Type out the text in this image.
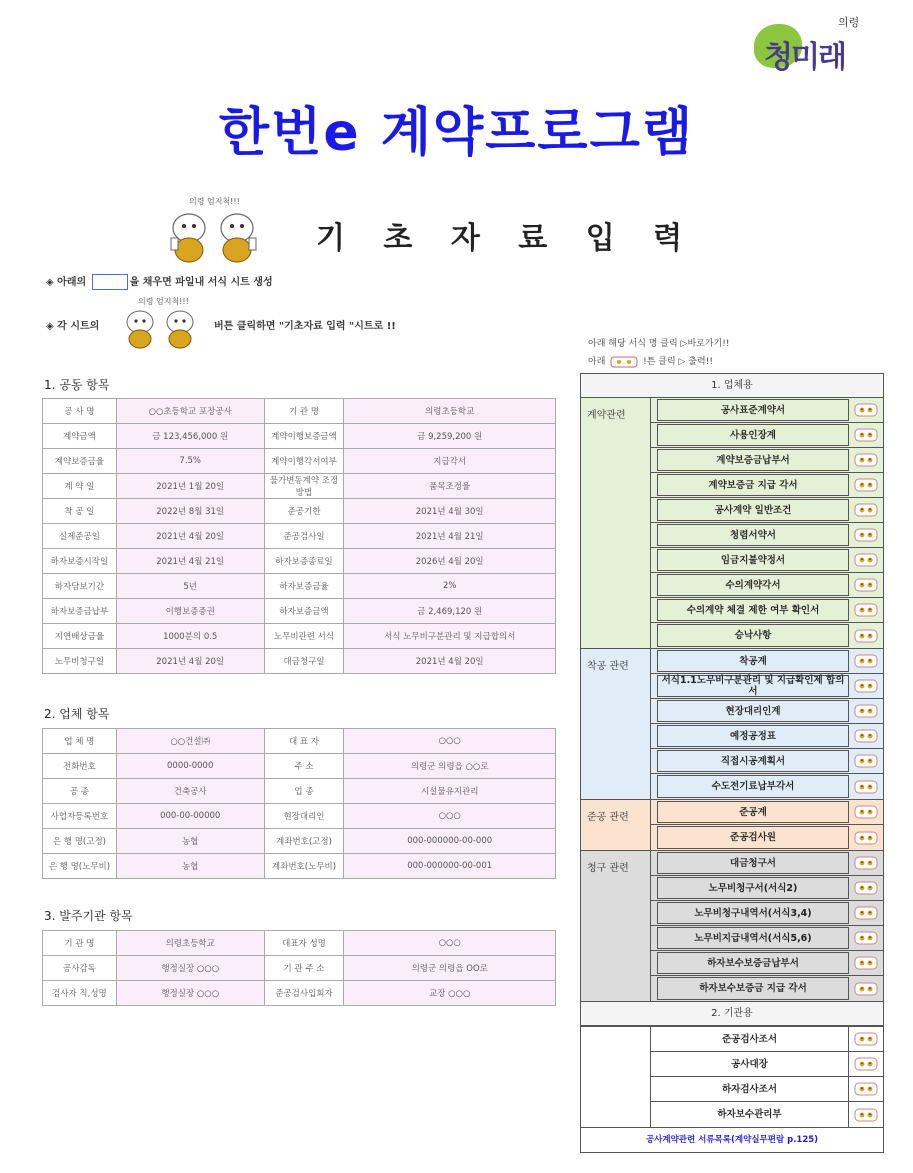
청미래
의령
한번e 계약프로그램
의령 엄지척!!!
기 초 자 료 입 력
◈ 아래의	을 채우면 파일내 서식 시트 생성
의령 엄지척!!!
◈ 각 시트의	버튼 클릭하면 "기초자료 입력 "시트로 !!
아래 해당 서식 명 클릭 ▷바로가기!!
아래	!튼 클릭 ▷ 출력!!
1. 공동 항목
공 사 명	○○초등학교 포장공사	기 관 명	의령초등학교
계약금액	금 123,456,000 원	계약이행보증금액	금 9,259,200 원
계약보증금율	7.5%	계약이행각서여부	지급각서
계 약 일	2021년 1월 20일	물가변동계약 조정방법	품목조정율
착 공 일	2022년 8월 31일	준공기한	2021년 4월 30일
실제준공일	2021년 4월 20일	준공검사일	2021년 4월 21일
하자보증시작일	2021년 4월 21일	하자보증종료일	2026년 4월 20일
하자담보기간	5년	하자보증금율	2%
하자보증금납부	이행보증증권	하자보증금액	금 2,469,120 원
지연배상금율	1000분의 0.5	노무비관련 서식	서식 노무비구분관리 및 지급합의서
노무비청구일	2021년 4월 20일	대금청구일	2021년 4월 20일
2. 업체 항목
업 체 명	○○건설㈜	대 표 자	○○○
전화번호	0000-0000	주 소	의령군 의령읍 ○○로
공 종	건축공사	업 종	시설물유지관리
사업자등록번호	000-00-00000	현장대리인	○○○
은 행 명(고정)	농협	계좌번호(고정)	000-000000-00-000
은 행 명(노무비)	농협	계좌번호(노무비)	000-000000-00-001
3. 발주기관 항목
기 관 명	의령초등학교	대표자 성명	○○○
공사감독	행정실장 ○○○	기 관 주 소	의령군 의령읍 OO로
검사자 직,성명	행정실장 ○○○	준공검사입회자	교장 ○○○
1. 업체용
계약관련	공사표준계약서
사용인장계
계약보증금납부서
계약보증금 지급 각서
공사계약 일반조건
청렴서약서
임금지불약정서
수의계약각서
수의계약 체결 제한 여부 확인서
승낙사항
착공 관련	착공계
서식1.1노무비구분관리 및 지급확인제 합의서
현장대리인계
예정공정표
직접시공계획서
수도전기료납부각서
준공 관련	준공계
준공검사원
청구 관련	대금청구서
노무비청구서(서식2)
노무비청구내역서(서식3,4)
노무비지급내역서(서식5,6)
하자보수보증금납부서
하자보수보증금 지급 각서
2. 기관용
준공검사조서
공사대장
하자검사조서
하자보수관리부
공사계약관련 서류목록(계약실무편람 p.125)
